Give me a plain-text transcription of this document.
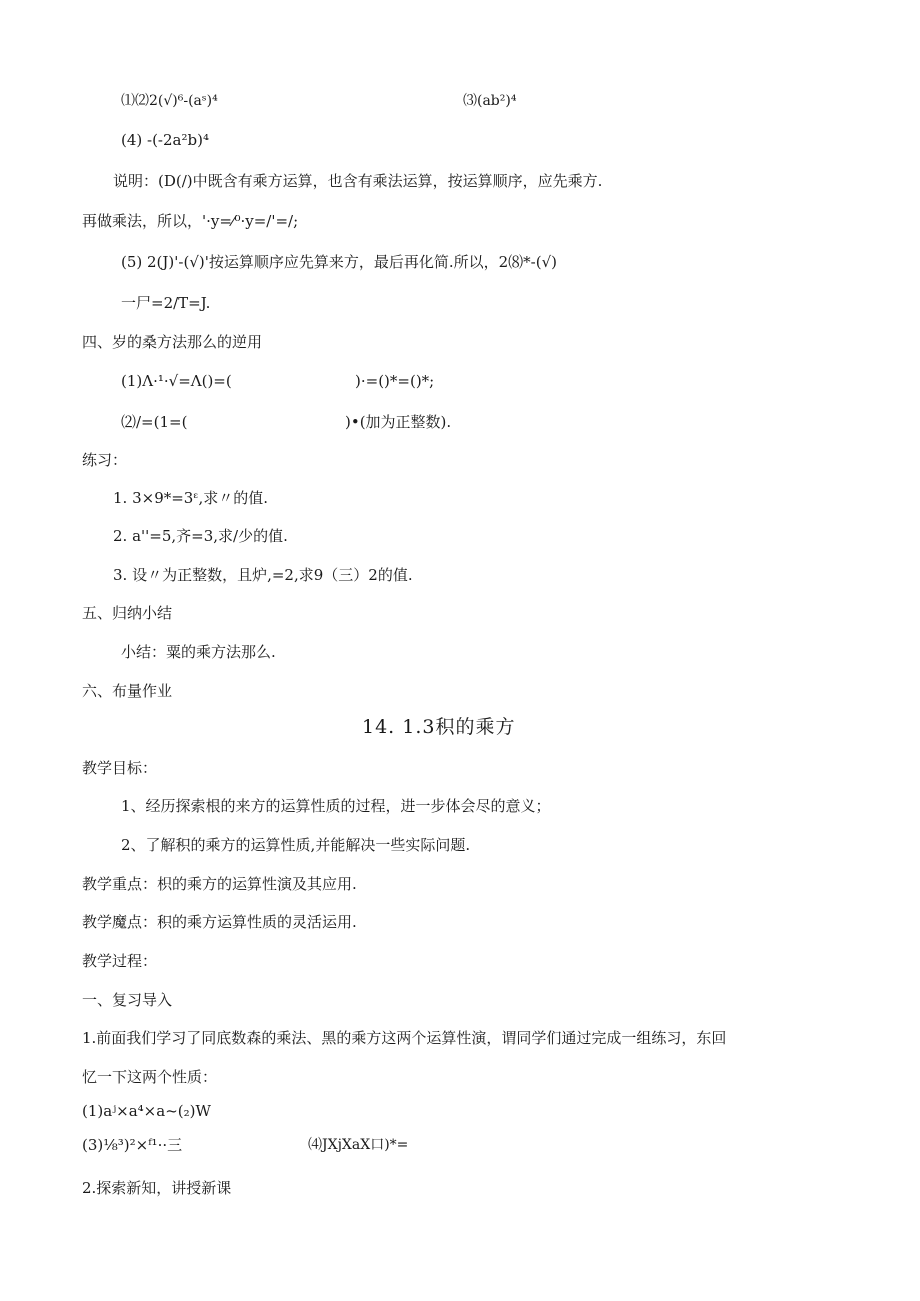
⑴⑵2(√)⁶-(aˢ)⁴	⑶(ab²)⁴
(4) -(-2a²b)⁴
说明：(D(/)中既含有乘方运算，也含有乘法运算，按运算顺序，应先乘方.
再做乘法，所以，'·y=⁄⁰·y=/'=/;
(5) 2(J)'-(√)'按运算顺序应先算来方，最后再化简.所以，2⑻*-(√)
一尸=2/T=J.
四、岁的桑方法那么的逆用
(1)Λ·¹·√=Λ()=(	)·=()*=()*;
⑵/=(1=(	)•(加为正整数).
练习：
1. 3×9*=3ᵋ,求〃的值.
2. a''=5,齐=3,求/少的值.
3. 设〃为正整数，且炉,=2,求9（三）2的值.
五、归纳小结
小结：粟的乘方法那么.
六、布量作业
14. 1.3积的乘方
教学目标：
1、经历探索根的来方的运算性质的过程，进一步体会尽的意义；
2、了解积的乘方的运算性质,并能解决一些实际问题.
教学重点：枳的乘方的运算性演及其应用.
教学魔点：积的乘方运算性质的灵活运用.
教学过程：
一、复习导入
1.前面我们学习了同底数森的乘法、黑的乘方这两个运算性演，谓同学们通过完成一组练习，东回
忆一下这两个性质：
(1)aʲ×a⁴×a~(₂)W
(3)⅛³)²×ᶠ¹··三	⑷JXjXaX口)*=
2.探索新知，讲授新课
